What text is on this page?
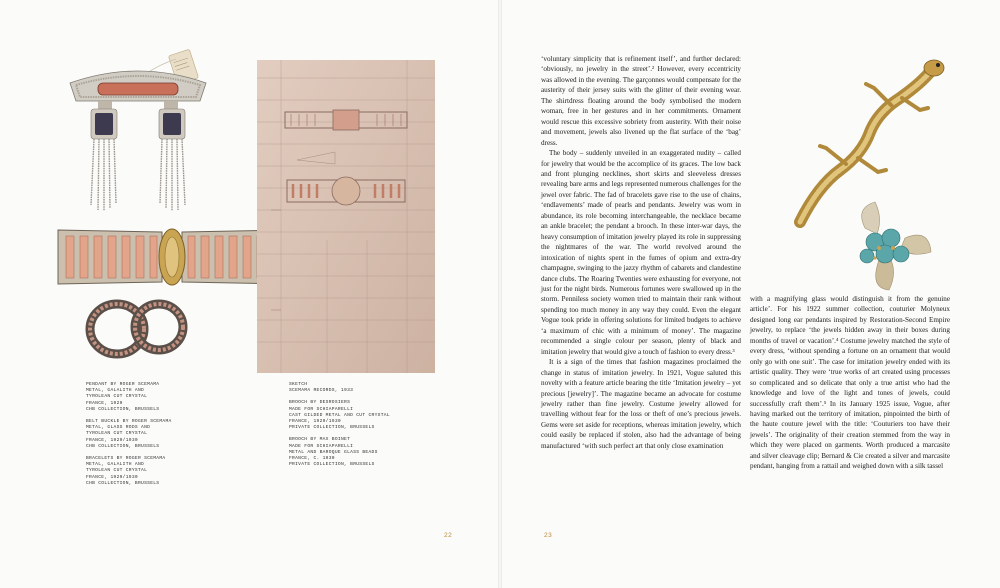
PENDANT BY ROGER SCEMAMA
METAL, GALALITH AND
TYROLEAN CUT CRYSTAL
FRANCE, 1929
CHB COLLECTION, BRUSSELS
BELT BUCKLE BY ROGER SCEMAMA
METAL, GLASS RODS AND
TYROLEAN CUT CRYSTAL
FRANCE, 1929/1930
CHB COLLECTION, BRUSSELS
BRACELETS BY ROGER SCEMAMA
METAL, GALALITH AND
TYROLEAN CUT CRYSTAL
FRANCE, 1929/1930
CHB COLLECTION, BRUSSELS
SKETCH
SCEMAMA RECORDS, 1933
BROOCH BY DESROSIERS
MADE FOR SCHIAPARELLI
CAST GILDED METAL AND CUT CRYSTAL
FRANCE, 1929/1930
PRIVATE COLLECTION, BRUSSELS
BROOCH BY MAX BOINET
MADE FOR SCHIAPARELLI
METAL AND BAROQUE GLASS BEADS
FRANCE, C. 1930
PRIVATE COLLECTION, BRUSSELS
22

‘voluntary simplicity that is refinement itself’, and further declared: ‘obviously, no jewelry in the street’.² However, every eccentricity was allowed in the evening. The garçonnes would compensate for the austerity of their jersey suits with the glitter of their evening wear. The shirtdress floating around the body symbolised the modern woman, free in her gestures and in her commitments. Ornament would rescue this excessive sobriety from austerity. With their noise and movement, jewels also livened up the flat surface of the ‘bag’ dress.

The body – suddenly unveiled in an exaggerated nudity – called for jewelry that would be the accomplice of its graces. The low back and front plunging necklines, short skirts and sleeveless dresses revealing bare arms and legs represented numerous challenges for the jewel over fabric. The fad of bracelets gave rise to the use of chains, ‘endlavements’ made of pearls and pendants. Jewelry was worn in abundance, its role becoming interchangeable, the necklace became an ankle bracelet; the pendant a brooch. In these inter-war days, the heavy consumption of imitation jewelry played its role in suppressing the nightmares of the war. The world revolved around the intoxication of nights spent in the fumes of opium and extra-dry champagne, swinging to the jazzy rhythm of cabarets and clandestine dance clubs. The Roaring Twenties were exhausting for everyone, not just for the night birds. Numerous fortunes were swallowed up in the storm. Penniless society women tried to maintain their rank without spending too much money in any way they could. Even the elegant Vogue took pride in offering solutions for limited budgets to achieve ‘a maximum of chic with a minimum of money’. The magazine recommended a single colour per season, plenty of black and imitation jewelry that would give a touch of fashion to every dress.³

It is a sign of the times that fashion magazines proclaimed the change in status of imitation jewelry. In 1921, Vogue saluted this novelty with a feature article bearing the title ‘Imitation jewelry – yet precious [jewelry]’. The magazine became an advocate for costume jewelry rather than fine jewelry. Costume jewelry allowed for travelling without fear for the loss or theft of one’s precious jewels. Gems were set aside for receptions, whereas imitation jewelry, which could easily be replaced if stolen, also had the advantage of being manufactured ‘with such perfect art that only close examination

with a magnifying glass would distinguish it from the genuine article’. For his 1922 summer collection, couturier Molyneux designed long ear pendants inspired by Restoration-Second Empire jewelry, to replace ‘the jewels hidden away in their boxes during months of travel or vacation’.⁴ Costume jewelry matched the style of every dress, ‘without spending a fortune on an ornament that would only go with one suit’. The case for imitation jewelry ended with its artistic quality. They were ‘true works of art created using processes so complicated and so delicate that only a true artist who had the knowledge and love of the light and tones of jewels, could successfully craft them’.⁵ In its January 1925 issue, Vogue, after having marked out the territory of imitation, pinpointed the birth of the haute couture jewel with the title: ‘Couturiers too have their jewels’. The originality of their creation stemmed from the way in which they were placed on garments. Worth produced a marcasite and silver cleavage clip; Bernard & Cie created a silver and marcasite pendant, hanging from a rattail and weighed down with a silk tassel

23
